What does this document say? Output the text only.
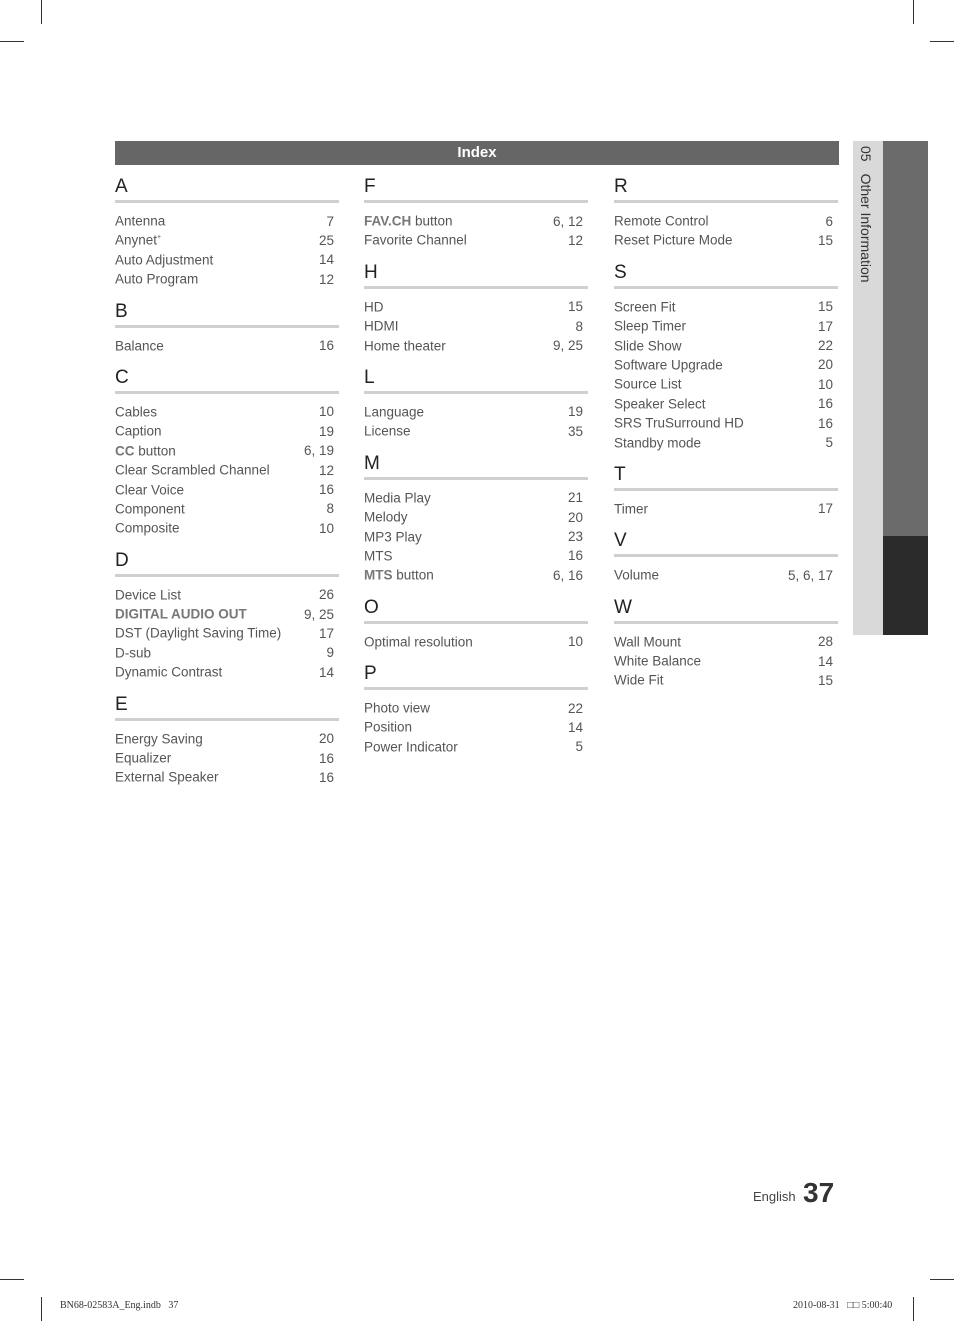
Index	05Other Information
A
Antenna	7
Anynet+	25
Auto Adjustment	14
Auto Program	12
B
Balance	16
C
Cables	10
Caption	19
CC button	6, 19
Clear Scrambled Channel	12
Clear Voice	16
Component	8
Composite	10
D
Device List	26
DIGITAL AUDIO OUT	9, 25
DST (Daylight Saving Time)	17
D-sub	9
Dynamic Contrast	14
E
Energy Saving	20
Equalizer	16
External Speaker	16
F
FAV.CH button	6, 12
Favorite Channel	12
H
HD	15
HDMI	8
Home theater	9, 25
L
Language	19
License	35
M
Media Play	21
Melody	20
MP3 Play	23
MTS	16
MTS button	6, 16
O
Optimal resolution	10
P
Photo view	22
Position	14
Power Indicator	5
R
Remote Control	6
Reset Picture Mode	15
S
Screen Fit	15
Sleep Timer	17
Slide Show	22
Software Upgrade	20
Source List	10
Speaker Select	16
SRS TruSurround HD	16
Standby mode	5
T
Timer	17
V
Volume	5, 6, 17
W
Wall Mount	28
White Balance	14
Wide Fit	15
English 37
BN68-02583A_Eng.indb   37	2010-08-31   □□ 5:00:40
